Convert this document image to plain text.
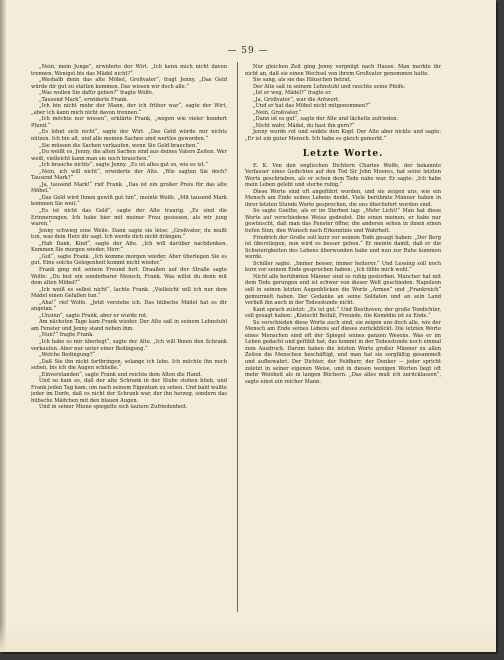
— 59 —

„Nein, mein Junge“, erwiderte der Wirt. „Ich kenn mich nicht davon trennen. Wenigst bis das Mädel nicht?“

„Weshalb denn das alte Möbel, Großvater“, fragt Jenny. „Das Geld würde dir gut zu statten kommen. Das wissen wir doch alle.“

„Was wollen Sie dafür geben?“ fragte Wolfe.

„Tausend Mark“, erwiderte Frank.

„Ich bin nicht mehr der Mann, der ich früher war“, sagte der Wirt, „aber ich kann mich nicht davon trennen.“

„Ich möchte nur wissen“, erklärte Frank, „wegen wie vieler hundert Pfund.“

„Es lohnt sich nicht“, sagte der Wirt. „Das Geld würde mir nichts nützen. Ich bin alt, und alle meinen Sachen sind wertlos geworden.“

„Sie müssen die Sachen verkaufen, wenn Sie Geld brauchen.“

„Du weißt es, Jenny, die alten Sachen sind aus deines Vaters Zeiten. Wer weiß, vielleicht kann man sie noch brauchen.“

„Ich brauche nichts“, sagte Jenny. „Es ist alles gut so, wie es ist.“

„Nein, ich will nicht“, erwiderte der Alte. „Wie sagten Sie doch? Tausend Mark?“

„Ja, tausend Mark!“ rief Frank. „Das ist ein großer Preis für das alte Möbel.“

„Das Geld wird Ihnen gewiß gut tun“, meinte Wolfe. „Mit tausend Mark kommen Sie weit.“

„Es ist nicht das Geld“, sagte der Alte traurig. „Es sind die Erinnerungen. Ich habe hier mit meiner Frau gesessen, als wir jung waren.“

Jenny schwieg eine Weile. Dann sagte sie leise: „Großvater, du mußt tun, was dein Herz dir sagt. Ich werde dich nicht drängen.“

„Hab Dank, Kind“, sagte der Alte. „Ich will darüber nachdenken. Kommen Sie morgen wieder, Herr.“

„Gut“, sagte Frank. „Ich komme morgen wieder. Aber überlegen Sie es gut. Eine solche Gelegenheit kommt nicht wieder.“

Frank ging mit seinem Freund fort. Draußen auf der Straße sagte Wolfe: „Du bist ein sonderbarer Mensch, Frank. Was willst du denn mit dem alten Möbel?“

„Ich weiß es selbst nicht“, lachte Frank. „Vielleicht will ich nur dem Mädel einen Gefallen tun.“

„Aha!“ rief Wolfe. „Jetzt verstehe ich. Das hübsche Mädel hat es dir angetan.“

„Unsinn“, sagte Frank, aber er wurde rot.

Am nächsten Tage kam Frank wieder. Der Alte saß in seinem Lehnstuhl am Fenster und Jenny stand neben ihm.

„Nun?“ fragte Frank.

„Ich habe es mir überlegt“, sagte der Alte. „Ich will Ihnen den Schrank verkaufen. Aber nur unter einer Bedingung.“

„Welche Bedingung?“

„Daß Sie ihn nicht fortbringen, solange ich lebe. Ich möchte ihn noch sehen, bis ich die Augen schließe.“

„Einverstanden“, sagte Frank und reichte dem Alten die Hand.

Und so kam es, daß der alte Schrank in der Stube stehen blieb, und Frank jeden Tag kam, um nach seinem Eigentum zu sehen. Und bald wußte jeder im Dorfe, daß es nicht der Schrank war, der ihn herzog, sondern das hübsche Mädchen mit den blauen Augen.

Und in seiner Miene spiegelte sich lautere Zufriedenheit.

Nur gleichen Zeit ging Jenny vergnügt nach Hause. Man merkte ihr nicht an, daß sie einen Wechsel von ihrem Großvater genommen hatte.

Sie sang, als sie das Häuschen betrat.

Der Alte saß in seinem Lehnstuhl und rauchte seine Pfeife.

„Ist er weg, Mädel?“ fragte er.

„Ja, Großvater“, war die Antwort.

„Und er hat das Möbel nicht mitgenommen?“

„Nein, Großvater.“

„Dann ist es gut“, sagte der Alte und lächelte zufrieden.

„Nicht wahr, Mädel, du hast ihn gern?“

Jenny wurde rot und senkte den Kopf. Der Alte aber nickte und sagte: „Er ist ein guter Mensch. Ich habe es gleich gemerkt.“

Letzte Worte.

E. K. Von den englischen Dichtern Charles Wolfe, der bekannte Verfasser eines Gedichtes auf den Tod Sir John Moores, hat seine letzten Worte geschrieben, als er schon dem Tode nahe war. Er sagte: „Ich habe mein Leben gelebt und sterbe ruhig.“

Diese Worte sind oft angeführt worden, und sie zeigen uns, wie ein Mensch am Ende seines Lebens denkt. Viele berühmte Männer haben in ihrer letzten Stunde Worte gesprochen, die uns überliefert worden sind.

So sagte Goethe, als er im Sterben lag: „Mehr Licht!“ Man hat diese Worte auf verschiedene Weise gedeutet. Die einen meinen, er habe nur gewünscht, daß man das Fenster öffne; die anderen sehen in ihnen einen tiefen Sinn, den Wunsch nach Erkenntnis und Wahrheit.

Friedrich der Große soll kurz vor seinem Tode gesagt haben: „Der Berg ist überstiegen, nun wird es besser gehen.“ Er meinte damit, daß er die Schwierigkeiten des Lebens überwunden habe und nun zur Ruhe kommen werde.

Schiller sagte: „Immer besser, immer heiterer.“ Und Lessing soll noch kurz vor seinem Ende gesprochen haben: „Ich fühle mich wohl.“

Nicht alle berühmten Männer sind so ruhig gestorben. Mancher hat mit dem Tode gerungen und ist schwer von dieser Welt geschieden. Napoleon soll in seinen letzten Augenblicken die Worte „Armee“ und „Frankreich“ gemurmelt haben. Der Gedanke an seine Soldaten und an sein Land verließ ihn auch in der Todesstunde nicht.

Kant sprach zuletzt: „Es ist gut.“ Und Beethoven, der große Tondichter, soll gesagt haben: „Klatscht Beifall, Freunde, die Komödie ist zu Ende.“

So verschieden diese Worte auch sind, sie zeigen uns doch alle, wie der Mensch am Ende seines Lebens auf dieses zurückblickt. Die letzten Worte eines Menschen sind oft der Spiegel seines ganzen Wesens. Was er im Leben gedacht und gefühlt hat, das kommt in der Todesstunde noch einmal zum Ausdruck. Darum haben die letzten Worte großer Männer zu allen Zeiten die Menschen beschäftigt, und man hat sie sorgfältig gesammelt und aufbewahrt. Der Dichter, der Feldherr, der Denker — jeder spricht zuletzt in seiner eigenen Weise, und in diesen wenigen Worten liegt oft mehr Weisheit als in langen Büchern. „Das alles muß ich zurücklassen“, sagte einst ein reicher Mann.
